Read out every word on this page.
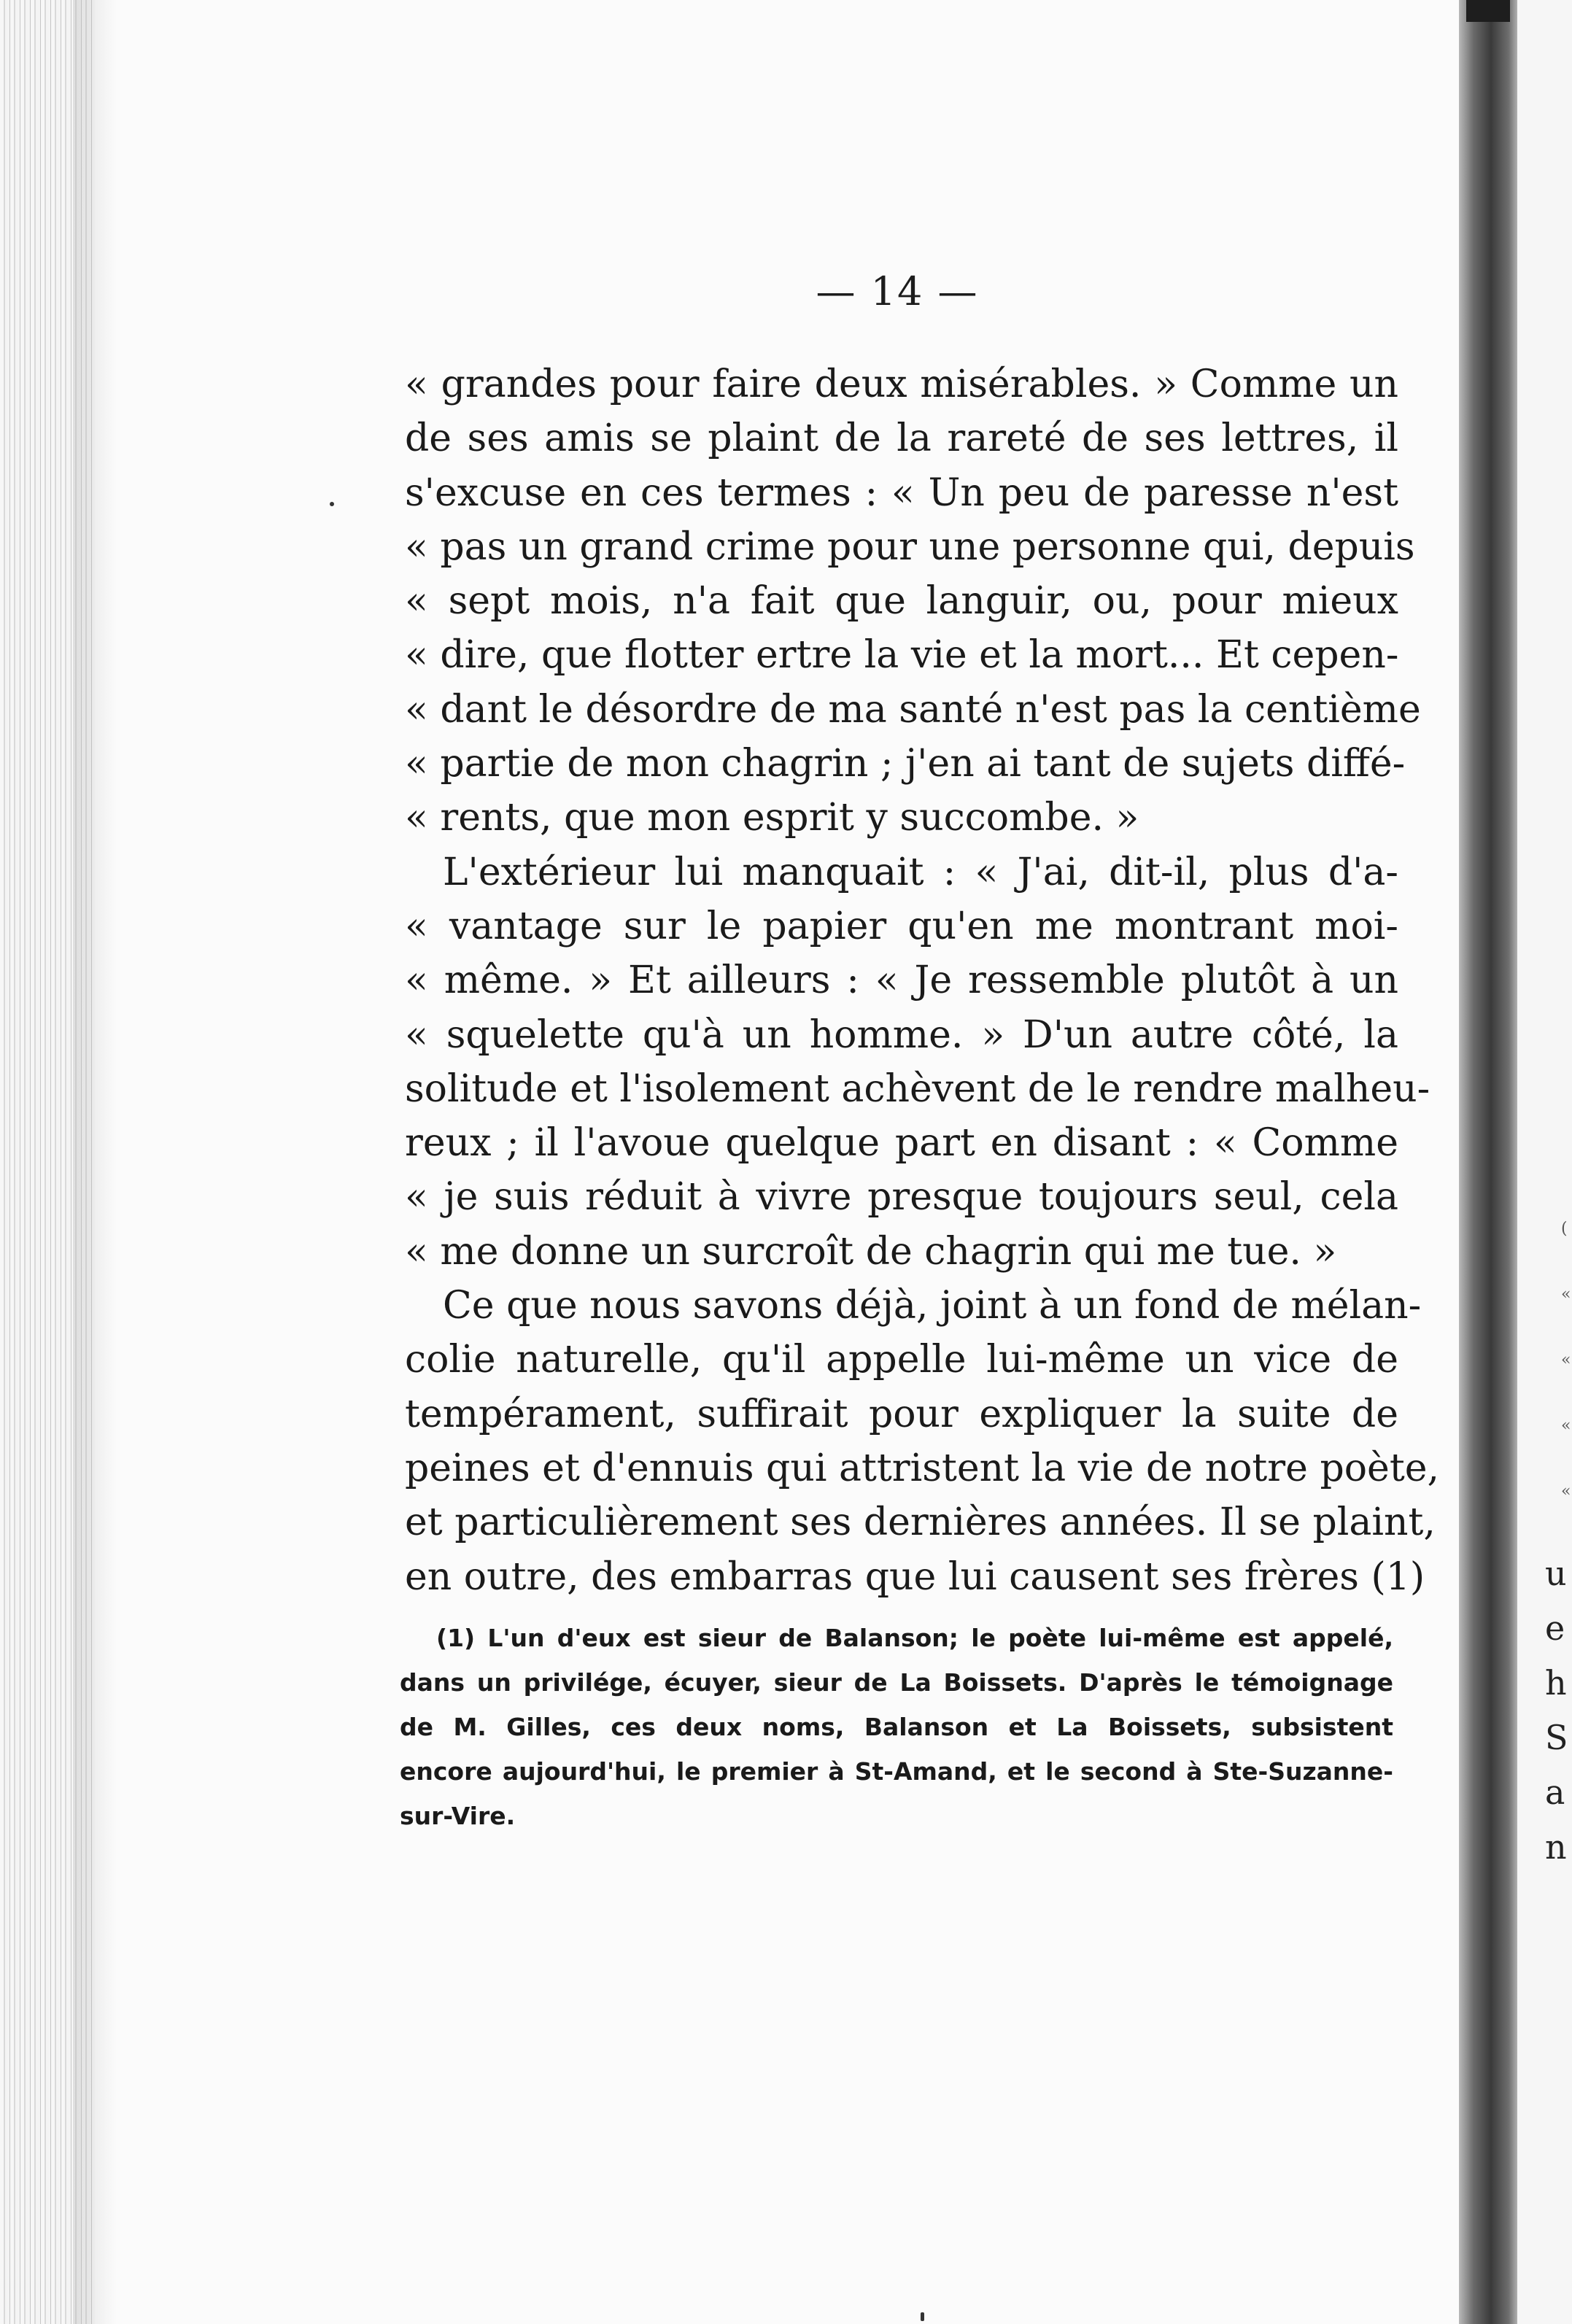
— 14 —
« grandes pour faire deux misérables. » Comme un
de ses amis se plaint de la rareté de ses lettres, il
s'excuse en ces termes : « Un peu de paresse n'est
« pas un grand crime pour une personne qui, depuis
« sept mois, n'a fait que languir, ou, pour mieux
« dire, que flotter ertre la vie et la mort... Et cepen-
« dant le désordre de ma santé n'est pas la centième
« partie de mon chagrin ; j'en ai tant de sujets diffé-
« rents, que mon esprit y succombe. »
L'extérieur lui manquait : « J'ai, dit-il, plus d'a-
« vantage sur le papier qu'en me montrant moi-
« même. » Et ailleurs : « Je ressemble plutôt à un
« squelette qu'à un homme. » D'un autre côté, la
solitude et l'isolement achèvent de le rendre malheu-
reux ; il l'avoue quelque part en disant : « Comme
« je suis réduit à vivre presque toujours seul, cela
« me donne un surcroît de chagrin qui me tue. »
Ce que nous savons déjà, joint à un fond de mélan-
colie naturelle, qu'il appelle lui-même un vice de
tempérament, suffirait pour expliquer la suite de
peines et d'ennuis qui attristent la vie de notre poète,
et particulièrement ses dernières années. Il se plaint,
en outre, des embarras que lui causent ses frères (1)
(1) L'un d'eux est sieur de Balanson; le poète lui-même est appelé,
dans un privilége, écuyer, sieur de La Boissets. D'après le témoignage
de M. Gilles, ces deux noms, Balanson et La Boissets, subsistent
encore aujourd'hui, le premier à St-Amand, et le second à Ste-Suzanne-
sur-Vire.
(
«
«
«
«
u
e
h
S
a
n
